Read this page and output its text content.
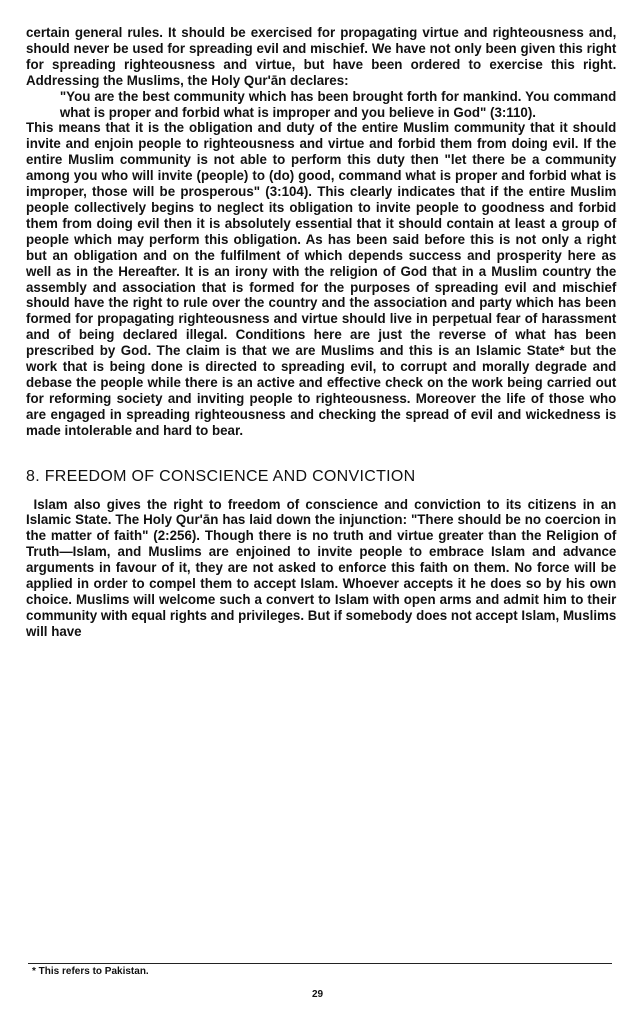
certain general rules. It should be exercised for propagating virtue and righteousness and, should never be used for spreading evil and mischief. We have not only been given this right for spreading righteousness and virtue, but have been ordered to exercise this right. Addressing the Muslims, the Holy Qur'ān declares:

"You are the best community which has been brought forth for mankind. You command what is proper and forbid what is improper and you believe in God" (3:110).

This means that it is the obligation and duty of the entire Muslim community that it should invite and enjoin people to righteousness and virtue and forbid them from doing evil. If the entire Muslim community is not able to perform this duty then "let there be a community among you who will invite (people) to (do) good, command what is proper and forbid what is improper, those will be prosperous" (3:104). This clearly indicates that if the entire Muslim people collectively begins to neglect its obligation to invite people to goodness and forbid them from doing evil then it is absolutely essential that it should contain at least a group of people which may perform this obligation. As has been said before this is not only a right but an obligation and on the fulfilment of which depends success and prosperity here as well as in the Hereafter. It is an irony with the religion of God that in a Muslim country the assembly and association that is formed for the purposes of spreading evil and mischief should have the right to rule over the country and the association and party which has been formed for propagating righteousness and virtue should live in perpetual fear of harassment and of being declared illegal. Conditions here are just the reverse of what has been prescribed by God. The claim is that we are Muslims and this is an Islamic State* but the work that is being done is directed to spreading evil, to corrupt and morally degrade and debase the people while there is an active and effective check on the work being carried out for reforming society and inviting people to righteousness. Moreover the life of those who are engaged in spreading righteousness and checking the spread of evil and wickedness is made intolerable and hard to bear.

8. FREEDOM OF CONSCIENCE AND CONVICTION

Islam also gives the right to freedom of conscience and conviction to its citizens in an Islamic State. The Holy Qur'ān has laid down the injunction: "There should be no coercion in the matter of faith" (2:256). Though there is no truth and virtue greater than the Religion of Truth—Islam, and Muslims are enjoined to invite people to embrace Islam and advance arguments in favour of it, they are not asked to enforce this faith on them. No force will be applied in order to compel them to accept Islam. Whoever accepts it he does so by his own choice. Muslims will welcome such a convert to Islam with open arms and admit him to their community with equal rights and privileges. But if somebody does not accept Islam, Muslims will have

* This refers to Pakistan.
29
